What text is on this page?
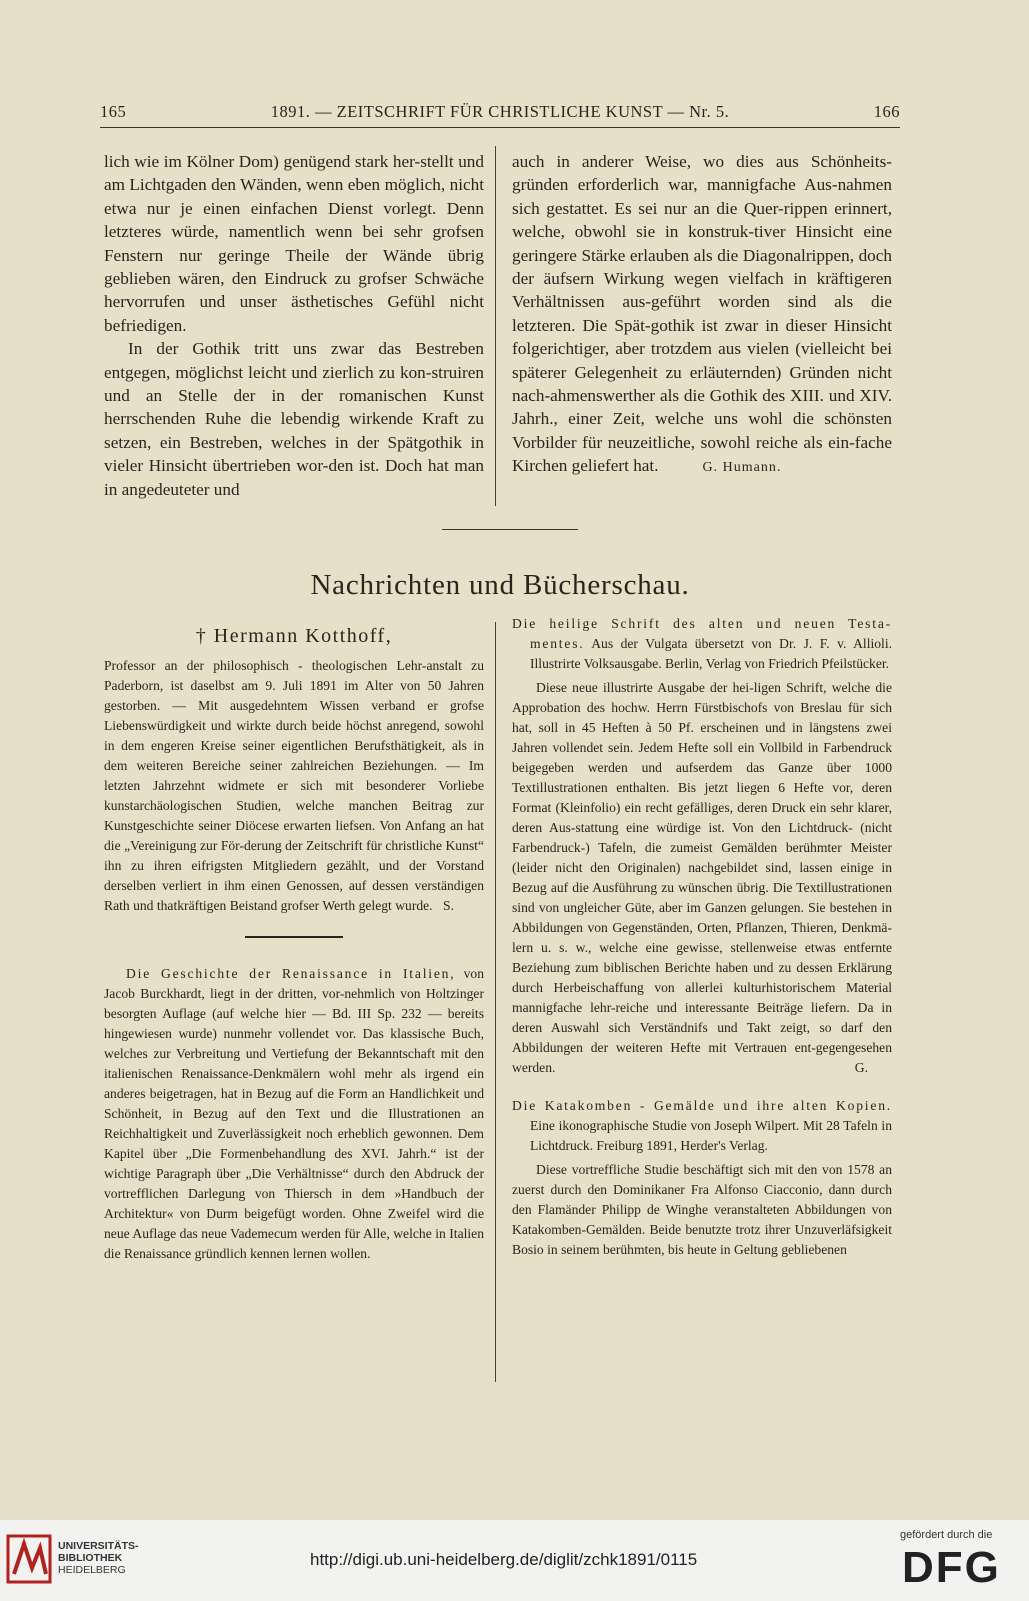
165	1891. — ZEITSCHRIFT FÜR CHRISTLICHE KUNST — Nr. 5.	166

lich wie im Kölner Dom) genügend stark her-stellt und am Lichtgaden den Wänden, wenn eben möglich, nicht etwa nur je einen einfachen Dienst vorlegt. Denn letzteres würde, namentlich wenn bei sehr grofsen Fenstern nur geringe Theile der Wände übrig geblieben wären, den Eindruck zu grofser Schwäche hervorrufen und unser ästhetisches Gefühl nicht befriedigen.

In der Gothik tritt uns zwar das Bestreben entgegen, möglichst leicht und zierlich zu kon-struiren und an Stelle der in der romanischen Kunst herrschenden Ruhe die lebendig wirkende Kraft zu setzen, ein Bestreben, welches in der Spätgothik in vieler Hinsicht übertrieben wor-den ist. Doch hat man in angedeuteter und

auch in anderer Weise, wo dies aus Schönheits-gründen erforderlich war, mannigfache Aus-nahmen sich gestattet. Es sei nur an die Quer-rippen erinnert, welche, obwohl sie in konstruk-tiver Hinsicht eine geringere Stärke erlauben als die Diagonalrippen, doch der äufsern Wirkung wegen vielfach in kräftigeren Verhältnissen aus-geführt worden sind als die letzteren. Die Spät-gothik ist zwar in dieser Hinsicht folgerichtiger, aber trotzdem aus vielen (vielleicht bei späterer Gelegenheit zu erläuternden) Gründen nicht nach-ahmenswerther als die Gothik des XIII. und XIV. Jahrh., einer Zeit, welche uns wohl die schönsten Vorbilder für neuzeitliche, sowohl reiche als ein-fache Kirchen geliefert hat.	G. Humann.

Nachrichten und Bücherschau.
† Hermann Kotthoff,

Professor an der philosophisch - theologischen Lehr-anstalt zu Paderborn, ist daselbst am 9. Juli 1891 im Alter von 50 Jahren gestorben. — Mit ausgedehntem Wissen verband er grofse Liebenswürdigkeit und wirkte durch beide höchst anregend, sowohl in dem engeren Kreise seiner eigentlichen Berufsthätigkeit, als in dem weiteren Bereiche seiner zahlreichen Beziehungen. — Im letzten Jahrzehnt widmete er sich mit besonderer Vorliebe kunstarchäologischen Studien, welche manchen Beitrag zur Kunstgeschichte seiner Diöcese erwarten liefsen. Von Anfang an hat die „Vereinigung zur För-derung der Zeitschrift für christliche Kunst“ ihn zu ihren eifrigsten Mitgliedern gezählt, und der Vorstand derselben verliert in ihm einen Genossen, auf dessen verständigen Rath und thatkräftigen Beistand grofser Werth gelegt wurde. S.

Die Geschichte der Renaissance in Italien, von Jacob Burckhardt, liegt in der dritten, vor-nehmlich von Holtzinger besorgten Auflage (auf welche hier — Bd. III Sp. 232 — bereits hingewiesen wurde) nunmehr vollendet vor. Das klassische Buch, welches zur Verbreitung und Vertiefung der Bekanntschaft mit den italienischen Renaissance-Denkmälern wohl mehr als irgend ein anderes beigetragen, hat in Bezug auf die Form an Handlichkeit und Schönheit, in Bezug auf den Text und die Illustrationen an Reichhaltigkeit und Zuverlässigkeit noch erheblich gewonnen. Dem Kapitel über „Die Formenbehandlung des XVI. Jahrh.“ ist der wichtige Paragraph über „Die Verhältnisse“ durch den Abdruck der vortrefflichen Darlegung von Thiersch in dem »Handbuch der Architektur« von Durm beigefügt worden. Ohne Zweifel wird die neue Auflage das neue Vademecum werden für Alle, welche in Italien die Renaissance gründlich kennen lernen wollen.

Die heilige Schrift des alten und neuen Testa-mentes. Aus der Vulgata übersetzt von Dr. J. F. v. Allioli. Illustrirte Volksausgabe. Berlin, Verlag von Friedrich Pfeilstücker.

Diese neue illustrirte Ausgabe der hei-ligen Schrift, welche die Approbation des hochw. Herrn Fürstbischofs von Breslau für sich hat, soll in 45 Heften à 50 Pf. erscheinen und in längstens zwei Jahren vollendet sein. Jedem Hefte soll ein Vollbild in Farbendruck beigegeben werden und aufserdem das Ganze über 1000 Textillustrationen enthalten. Bis jetzt liegen 6 Hefte vor, deren Format (Kleinfolio) ein recht gefälliges, deren Druck ein sehr klarer, deren Aus-stattung eine würdige ist. Von den Lichtdruck- (nicht Farbendruck-) Tafeln, die zumeist Gemälden berühmter Meister (leider nicht den Originalen) nachgebildet sind, lassen einige in Bezug auf die Ausführung zu wünschen übrig. Die Textillustrationen sind von ungleicher Güte, aber im Ganzen gelungen. Sie bestehen in Abbildungen von Gegenständen, Orten, Pflanzen, Thieren, Denkmä-lern u. s. w., welche eine gewisse, stellenweise etwas entfernte Beziehung zum biblischen Berichte haben und zu dessen Erklärung durch Herbeischaffung von allerlei kulturhistorischem Material mannigfache lehr-reiche und interessante Beiträge liefern. Da in deren Auswahl sich Verständnifs und Takt zeigt, so darf den Abbildungen der weiteren Hefte mit Vertrauen ent-gegengesehen werden.	G.

Die Katakomben - Gemälde und ihre alten Kopien. Eine ikonographische Studie von Joseph Wilpert. Mit 28 Tafeln in Lichtdruck. Freiburg 1891, Herder's Verlag.

Diese vortreffliche Studie beschäftigt sich mit den von 1578 an zuerst durch den Dominikaner Fra Alfonso Ciacconio, dann durch den Flamänder Philipp de Winghe veranstalteten Abbildungen von Katakomben-Gemälden. Beide benutzte trotz ihrer Unzuverläfsigkeit Bosio in seinem berühmten, bis heute in Geltung gebliebenen

UNIVERSITÄTS-
BIBLIOTHEK
HEIDELBERG
http://digi.ub.uni-heidelberg.de/diglit/zchk1891/0115
gefördert durch die
DFG
